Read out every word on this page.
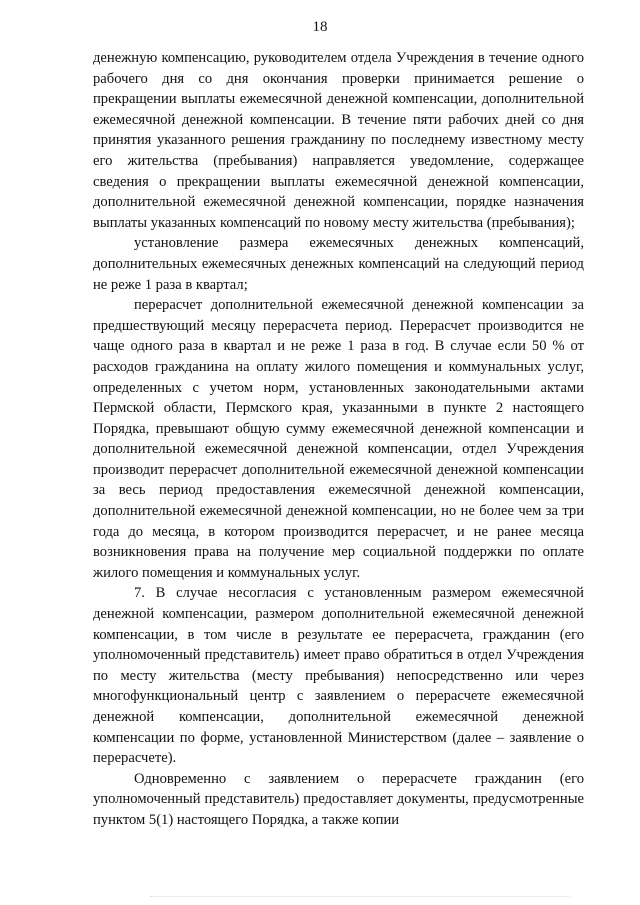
18

денежную компенсацию, руководителем отдела Учреждения в течение одного рабочего дня со дня окончания проверки принимается решение о прекращении выплаты ежемесячной денежной компенсации, дополнительной ежемесячной денежной компенсации. В течение пяти рабочих дней со дня принятия указанного решения гражданину по последнему известному месту его жительства (пребывания) направляется уведомление, содержащее сведения о прекращении выплаты ежемесячной денежной компенсации, дополнительной ежемесячной денежной компенсации, порядке назначения выплаты указанных компенсаций по новому месту жительства (пребывания);

установление размера ежемесячных денежных компенсаций, дополнительных ежемесячных денежных компенсаций на следующий период не реже 1 раза в квартал;

перерасчет дополнительной ежемесячной денежной компенсации за предшествующий месяцу перерасчета период. Перерасчет производится не чаще одного раза в квартал и не реже 1 раза в год. В случае если 50 % от расходов гражданина на оплату жилого помещения и коммунальных услуг, определенных с учетом норм, установленных законодательными актами Пермской области, Пермского края, указанными в пункте 2 настоящего Порядка, превышают общую сумму ежемесячной денежной компенсации и дополнительной ежемесячной денежной компенсации, отдел Учреждения производит перерасчет дополнительной ежемесячной денежной компенсации за весь период предоставления ежемесячной денежной компенсации, дополнительной ежемесячной денежной компенсации, но не более чем за три года до месяца, в котором производится перерасчет, и не ранее месяца возникновения права на получение мер социальной поддержки по оплате жилого помещения и коммунальных услуг.

7. В случае несогласия с установленным размером ежемесячной денежной компенсации, размером дополнительной ежемесячной денежной компенсации, в том числе в результате ее перерасчета, гражданин (его уполномоченный представитель) имеет право обратиться в отдел Учреждения по месту жительства (месту пребывания) непосредственно или через многофункциональный центр с заявлением о перерасчете ежемесячной денежной компенсации, дополнительной ежемесячной денежной компенсации по форме, установленной Министерством (далее – заявление о перерасчете).

Одновременно с заявлением о перерасчете гражданин (его уполномоченный представитель) предоставляет документы, предусмотренные пунктом 5(1) настоящего Порядка, а также копии
